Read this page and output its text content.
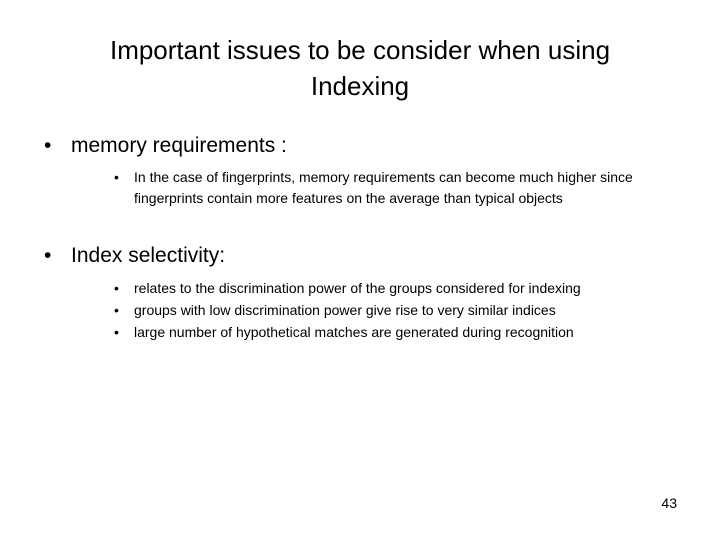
Important issues to be consider when using
Indexing
• memory requirements :
•	In the case of fingerprints, memory requirements can become much higher since fingerprints contain more features on the average than typical objects
• Index selectivity:
•	relates to the discrimination power of the groups considered for indexing
•	groups with low discrimination power give rise to very similar indices
•	large number of hypothetical matches are generated during recognition
43
